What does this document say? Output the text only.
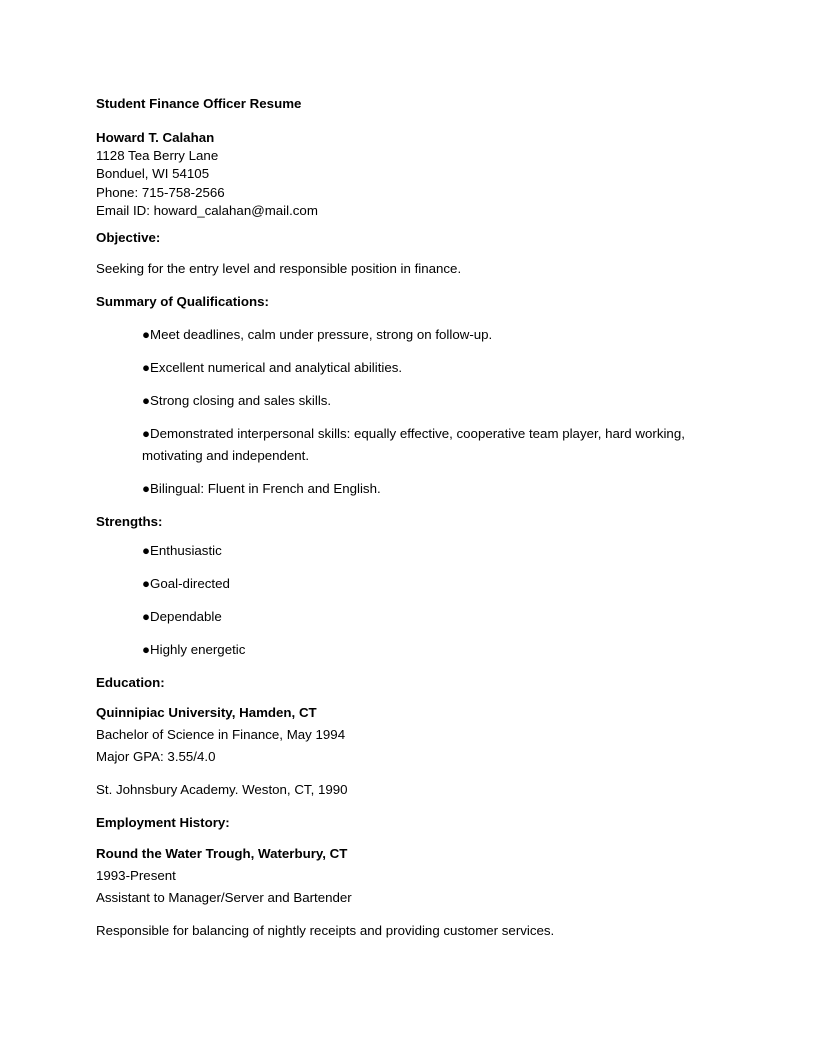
Student Finance Officer Resume
Howard T. Calahan
1128 Tea Berry Lane
Bonduel, WI 54105
Phone: 715-758-2566
Email ID: howard_calahan@mail.com
Objective:
Seeking for the entry level and responsible position in finance.
Summary of Qualifications:
●Meet deadlines, calm under pressure, strong on follow-up.
●Excellent numerical and analytical abilities.
●Strong closing and sales skills.
●Demonstrated interpersonal skills: equally effective, cooperative team player, hard working,
motivating and independent.
●Bilingual: Fluent in French and English.
Strengths:
●Enthusiastic
●Goal-directed
●Dependable
●Highly energetic
Education:
Quinnipiac University, Hamden, CT
Bachelor of Science in Finance, May 1994
Major GPA: 3.55/4.0
St. Johnsbury Academy. Weston, CT, 1990
Employment History:
Round the Water Trough, Waterbury, CT
1993-Present
Assistant to Manager/Server and Bartender
Responsible for balancing of nightly receipts and providing customer services.
